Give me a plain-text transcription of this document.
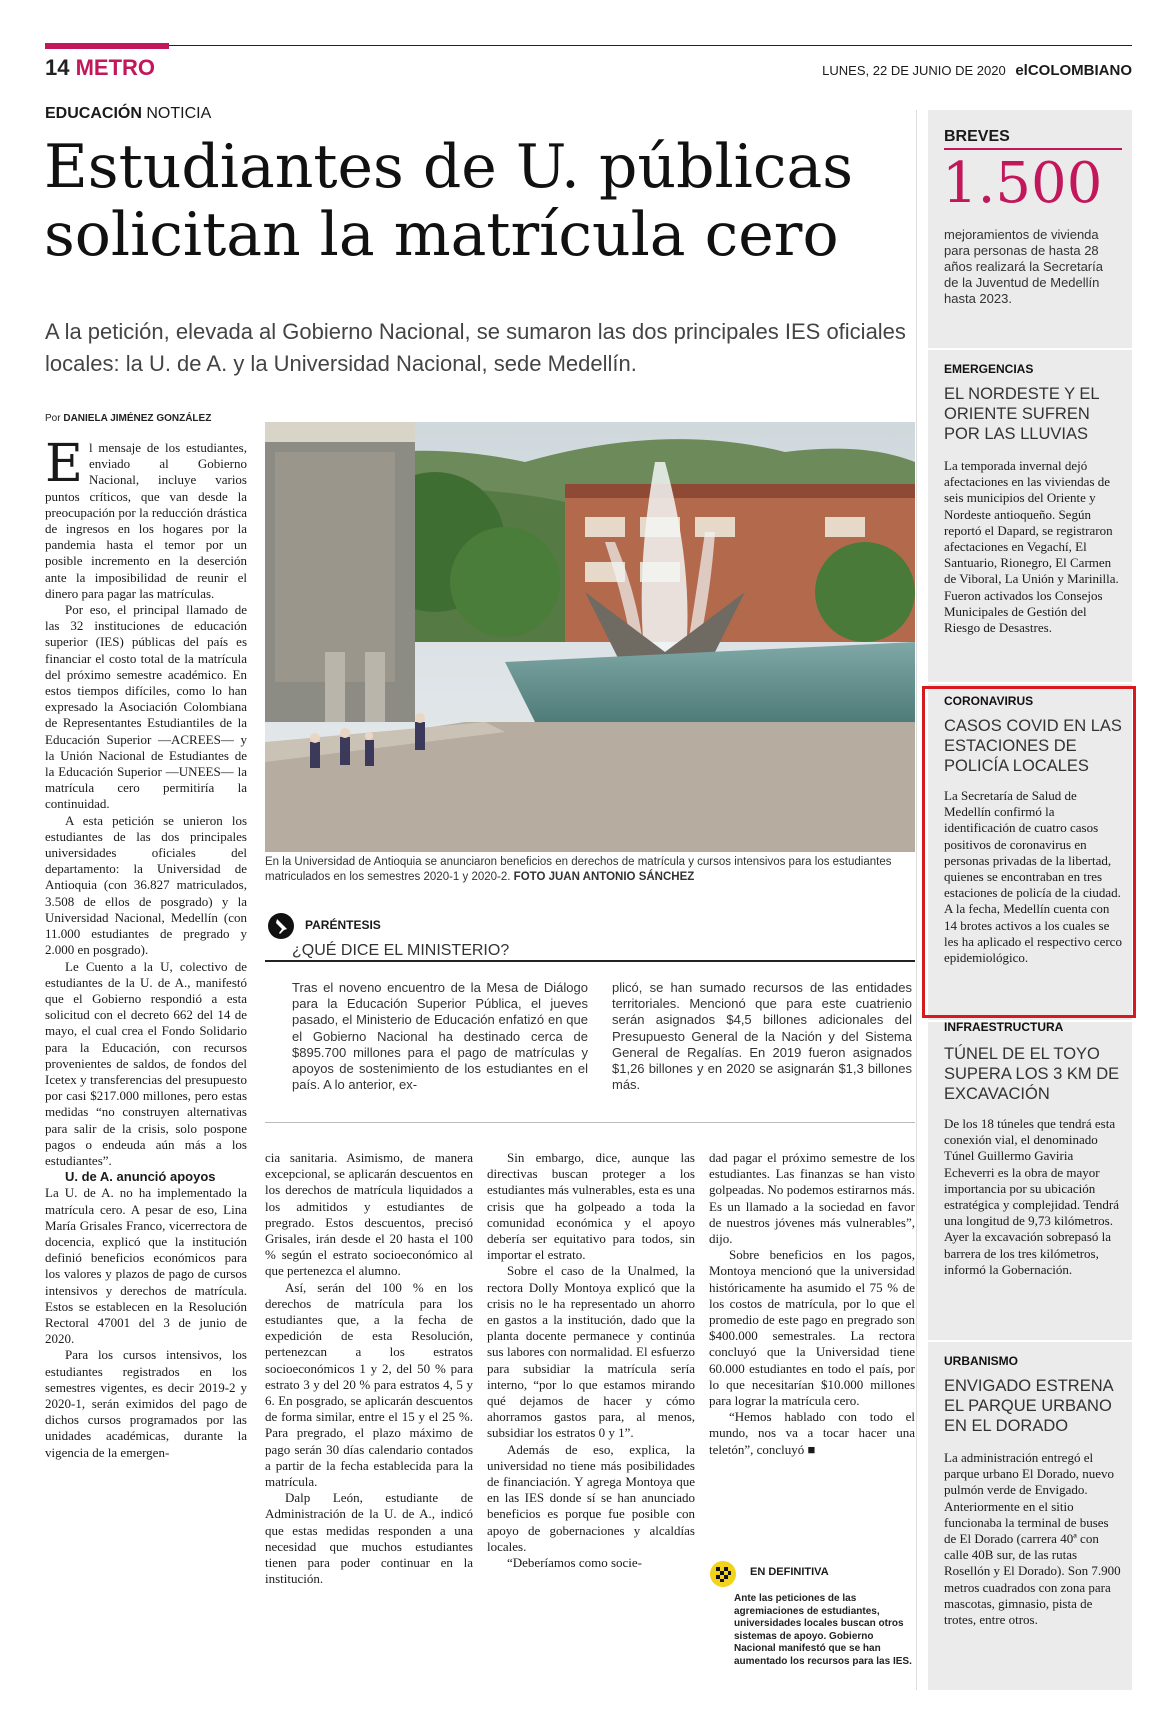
14 METRO	LUNES, 22 DE JUNIO DE 2020 elCOLOMBIANO
EDUCACIÓN NOTICIA
Estudiantes de U. públicas solicitan la matrícula cero
A la petición, elevada al Gobierno Nacional, se sumaron las dos principales IES oficiales locales: la U. de A. y la Universidad Nacional, sede Medellín.
Por DANIELA JIMÉNEZ GONZÁLEZ

El mensaje de los estudiantes, enviado al Gobierno Nacional, incluye varios puntos críticos, que van desde la preocupación por la reducción drástica de ingresos en los hogares por la pandemia hasta el temor por un posible incremento en la deserción ante la imposibilidad de reunir el dinero para pagar las matrículas.

Por eso, el principal llamado de las 32 instituciones de educación superior (IES) públicas del país es financiar el costo total de la matrícula del próximo semestre académico. En estos tiempos difíciles, como lo han expresado la Asociación Colombiana de Representantes Estudiantiles de la Educación Superior —ACREES— y la Unión Nacional de Estudiantes de la Educación Superior —UNEES— la matrícula cero permitiría la continuidad.

A esta petición se unieron los estudiantes de las dos principales universidades oficiales del departamento: la Universidad de Antioquia (con 36.827 matriculados, 3.508 de ellos de posgrado) y la Universidad Nacional, Medellín (con 11.000 estudiantes de pregrado y 2.000 en posgrado).

Le Cuento a la U, colectivo de estudiantes de la U. de A., manifestó que el Gobierno respondió a esta solicitud con el decreto 662 del 14 de mayo, el cual crea el Fondo Solidario para la Educación, con recursos provenientes de saldos, de fondos del Icetex y transferencias del presupuesto por casi $217.000 millones, pero estas medidas “no construyen alternativas para salir de la crisis, solo pospone pagos o endeuda aún más a los estudiantes”.

U. de A. anunció apoyos

La U. de A. no ha implementado la matrícula cero. A pesar de eso, Lina María Grisales Franco, vicerrectora de docencia, explicó que la institución definió beneficios económicos para los valores y plazos de pago de cursos intensivos y derechos de matrícula. Estos se establecen en la Resolución Rectoral 47001 del 3 de junio de 2020.

Para los cursos intensivos, los estudiantes registrados en los semestres vigentes, es decir 2019-2 y 2020-1, serán eximidos del pago de dichos cursos programados por las unidades académicas, durante la vigencia de la emergen-

En la Universidad de Antioquia se anunciaron beneficios en derechos de matrícula y cursos intensivos para los estudiantes matriculados en los semestres 2020-1 y 2020-2. FOTO JUAN ANTONIO SÁNCHEZ
PARÉNTESIS
¿QUÉ DICE EL MINISTERIO?
Tras el noveno encuentro de la Mesa de Diálogo para la Educación Superior Pública, el jueves pasado, el Ministerio de Educación enfatizó en que el Gobierno Nacional ha destinado cerca de $895.700 millones para el pago de matrículas y apoyos de sostenimiento de los estudiantes en el país. A lo anterior, ex-
plicó, se han sumado recursos de las entidades territoriales. Mencionó que para este cuatrienio serán asignados $4,5 billones adicionales del Presupuesto General de la Nación y del Sistema General de Regalías. En 2019 fueron asignados $1,26 billones y en 2020 se asignarán $1,3 billones más.

cia sanitaria. Asimismo, de manera excepcional, se aplicarán descuentos en los derechos de matrícula liquidados a los admitidos y estudiantes de pregrado. Estos descuentos, precisó Grisales, irán desde el 20 hasta el 100 % según el estrato socioeconómico al que pertenezca el alumno.

Así, serán del 100 % en los derechos de matrícula para los estudiantes que, a la fecha de expedición de esta Resolución, pertenezcan a los estratos socioeconómicos 1 y 2, del 50 % para estrato 3 y del 20 % para estratos 4, 5 y 6. En posgrado, se aplicarán descuentos de forma similar, entre el 15 y el 25 %. Para pregrado, el plazo máximo de pago serán 30 días calendario contados a partir de la fecha establecida para la matrícula.

Dalp León, estudiante de Administración de la U. de A., indicó que estas medidas responden a una necesidad que muchos estudiantes tienen para poder continuar en la institución.

Sin embargo, dice, aunque las directivas buscan proteger a los estudiantes más vulnerables, esta es una crisis que ha golpeado a toda la comunidad económica y el apoyo debería ser equitativo para todos, sin importar el estrato.

Sobre el caso de la Unalmed, la rectora Dolly Montoya explicó que la crisis no le ha representado un ahorro en gastos a la institución, dado que la planta docente permanece y continúa sus labores con normalidad. El esfuerzo para subsidiar la matrícula sería interno, “por lo que estamos mirando qué dejamos de hacer y cómo ahorramos gastos para, al menos, subsidiar los estratos 0 y 1”.

Además de eso, explica, la universidad no tiene más posibilidades de financiación. Y agrega Montoya que en las IES donde sí se han anunciado beneficios es porque fue posible con apoyo de gobernaciones y alcaldías locales.

“Deberíamos como socie-

dad pagar el próximo semestre de los estudiantes. Las finanzas se han visto golpeadas. No podemos estirarnos más. Es un llamado a la sociedad en favor de nuestros jóvenes más vulnerables”, dijo.

Sobre beneficios en los pagos, Montoya mencionó que la universidad históricamente ha asumido el 75 % de los costos de matrícula, por lo que el promedio de este pago en pregrado son $400.000 semestrales. La rectora concluyó que la Universidad tiene 60.000 estudiantes en todo el país, por lo que necesitarían $10.000 millones para lograr la matrícula cero.

“Hemos hablado con todo el mundo, nos va a tocar hacer una teletón”, concluyó ■

EN DEFINITIVA
Ante las peticiones de las agremiaciones de estudiantes, universidades locales buscan otros sistemas de apoyo. Gobierno Nacional manifestó que se han aumentado los recursos para las IES.
BREVES
1.500
mejoramientos de vivienda para personas de hasta 28 años realizará la Secretaría de la Juventud de Medellín hasta 2023.
EMERGENCIAS
EL NORDESTE Y EL ORIENTE SUFREN POR LAS LLUVIAS
La temporada invernal dejó afectaciones en las viviendas de seis municipios del Oriente y Nordeste antioqueño. Según reportó el Dapard, se registraron afectaciones en Vegachí, El Santuario, Rionegro, El Carmen de Viboral, La Unión y Marinilla. Fueron activados los Consejos Municipales de Gestión del Riesgo de Desastres.
CORONAVIRUS
CASOS COVID EN LAS ESTACIONES DE POLICÍA LOCALES
La Secretaría de Salud de Medellín confirmó la identificación de cuatro casos positivos de coronavirus en personas privadas de la libertad, quienes se encontraban en tres estaciones de policía de la ciudad. A la fecha, Medellín cuenta con 14 brotes activos a los cuales se les ha aplicado el respectivo cerco epidemiológico.
INFRAESTRUCTURA
TÚNEL DE EL TOYO SUPERA LOS 3 KM DE EXCAVACIÓN
De los 18 túneles que tendrá esta conexión vial, el denominado Túnel Guillermo Gaviria Echeverri es la obra de mayor importancia por su ubicación estratégica y complejidad. Tendrá una longitud de 9,73 kilómetros. Ayer la excavación sobrepasó la barrera de los tres kilómetros, informó la Gobernación.
URBANISMO
ENVIGADO ESTRENA EL PARQUE URBANO EN EL DORADO
La administración entregó el parque urbano El Dorado, nuevo pulmón verde de Envigado. Anteriormente en el sitio funcionaba la terminal de buses de El Dorado (carrera 40ª con calle 40B sur, de las rutas Rosellón y El Dorado). Son 7.900 metros cuadrados con zona para mascotas, gimnasio, pista de trotes, entre otros.
